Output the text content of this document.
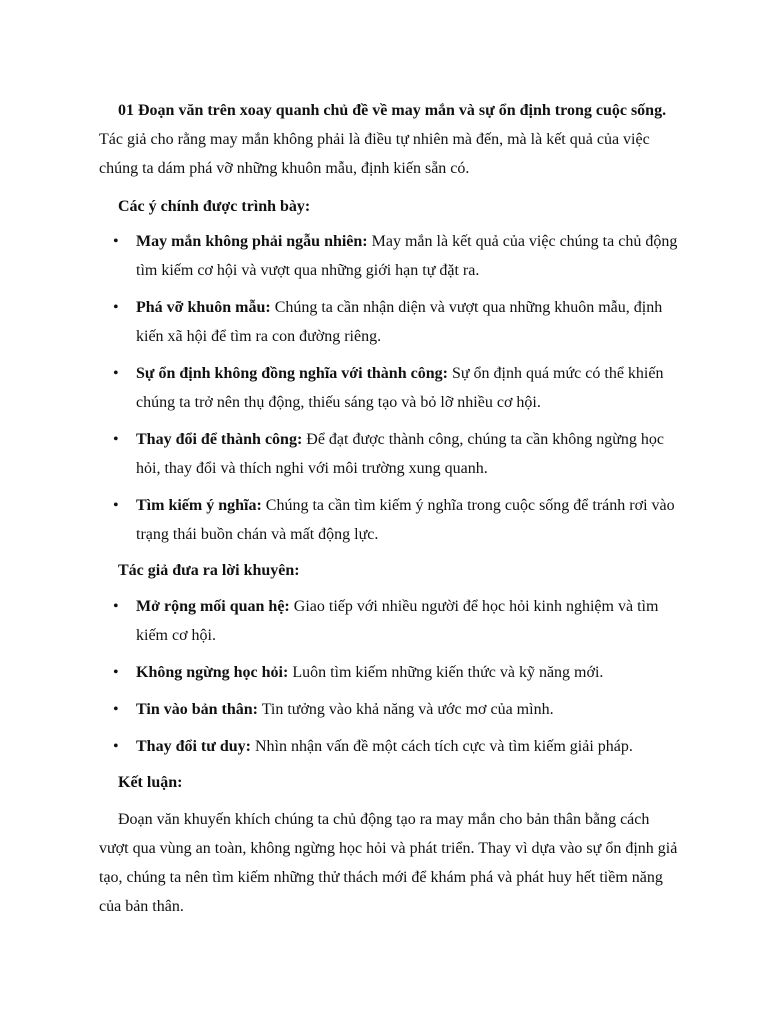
01 Đoạn văn trên xoay quanh chủ đề về may mắn và sự ổn định trong cuộc sống. Tác giả cho rằng may mắn không phải là điều tự nhiên mà đến, mà là kết quả của việc chúng ta dám phá vỡ những khuôn mẫu, định kiến sẵn có.

Các ý chính được trình bày:

• May mắn không phải ngẫu nhiên: May mắn là kết quả của việc chúng ta chủ động tìm kiếm cơ hội và vượt qua những giới hạn tự đặt ra.
• Phá vỡ khuôn mẫu: Chúng ta cần nhận diện và vượt qua những khuôn mẫu, định kiến xã hội để tìm ra con đường riêng.
• Sự ổn định không đồng nghĩa với thành công: Sự ổn định quá mức có thể khiến chúng ta trở nên thụ động, thiếu sáng tạo và bỏ lỡ nhiều cơ hội.
• Thay đổi để thành công: Để đạt được thành công, chúng ta cần không ngừng học hỏi, thay đổi và thích nghi với môi trường xung quanh.
• Tìm kiếm ý nghĩa: Chúng ta cần tìm kiếm ý nghĩa trong cuộc sống để tránh rơi vào trạng thái buồn chán và mất động lực.

Tác giả đưa ra lời khuyên:

• Mở rộng mối quan hệ: Giao tiếp với nhiều người để học hỏi kinh nghiệm và tìm kiếm cơ hội.
• Không ngừng học hỏi: Luôn tìm kiếm những kiến thức và kỹ năng mới.
• Tin vào bản thân: Tin tưởng vào khả năng và ước mơ của mình.
• Thay đổi tư duy: Nhìn nhận vấn đề một cách tích cực và tìm kiếm giải pháp.

Kết luận:

Đoạn văn khuyến khích chúng ta chủ động tạo ra may mắn cho bản thân bằng cách vượt qua vùng an toàn, không ngừng học hỏi và phát triển. Thay vì dựa vào sự ổn định giả tạo, chúng ta nên tìm kiếm những thử thách mới để khám phá và phát huy hết tiềm năng của bản thân.
